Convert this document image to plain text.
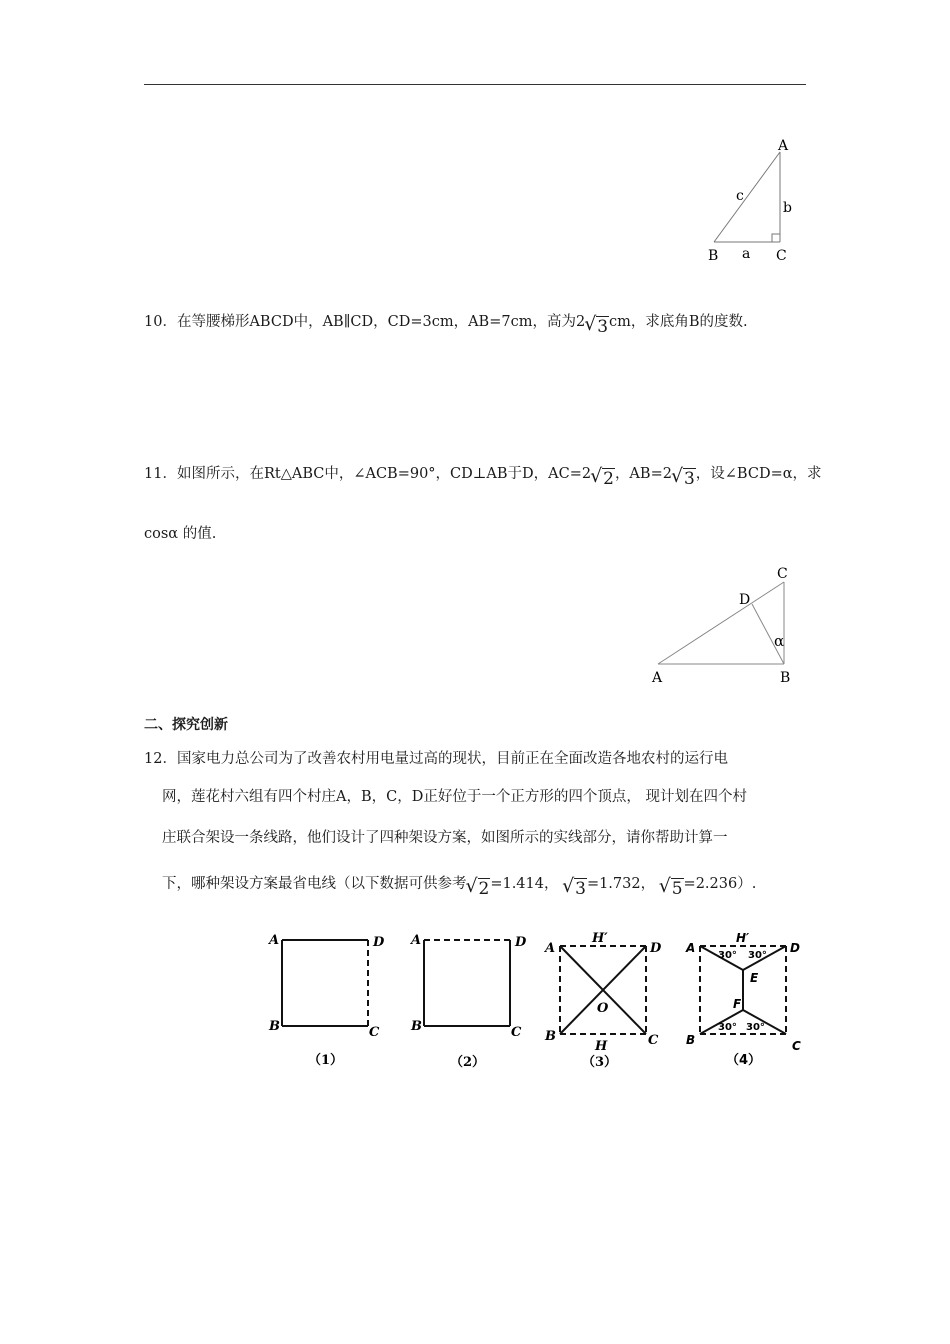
A
B	C
a
b
c
10．在等腰梯形ABCD中，AB∥CD，CD=3cm，AB=7cm，高为2 √ 3cm，求底角B的度数.
11．如图所示，在Rt△ABC中，∠ACB=90°，CD⊥AB于D，AC=2 √ 2，AB=2 √ 3，设∠BCD=α，求
cosα 的值.
A	B
C
D
α
二、探究创新
12．国家电力总公司为了改善农村用电量过高的现状，目前正在全面改造各地农村的运行电
网，莲花村六组有四个村庄A，B，C，D正好位于一个正方形的四个顶点， 现计划在四个村
庄联合架设一条线路，他们设计了四种架设方案，如图所示的实线部分，请你帮助计算一
下，哪种架设方案最省电线（以下数据可供参考 √ 2=1.414， √ 3=1.732， √ 5=2.236）.
A	D
B	C
（1）
A	D
B	C
（2）
A	D
B	C
O
H′
H
（3）
A	D
B	C
E
F
H′
30° 30°
30° 30°
（4）
